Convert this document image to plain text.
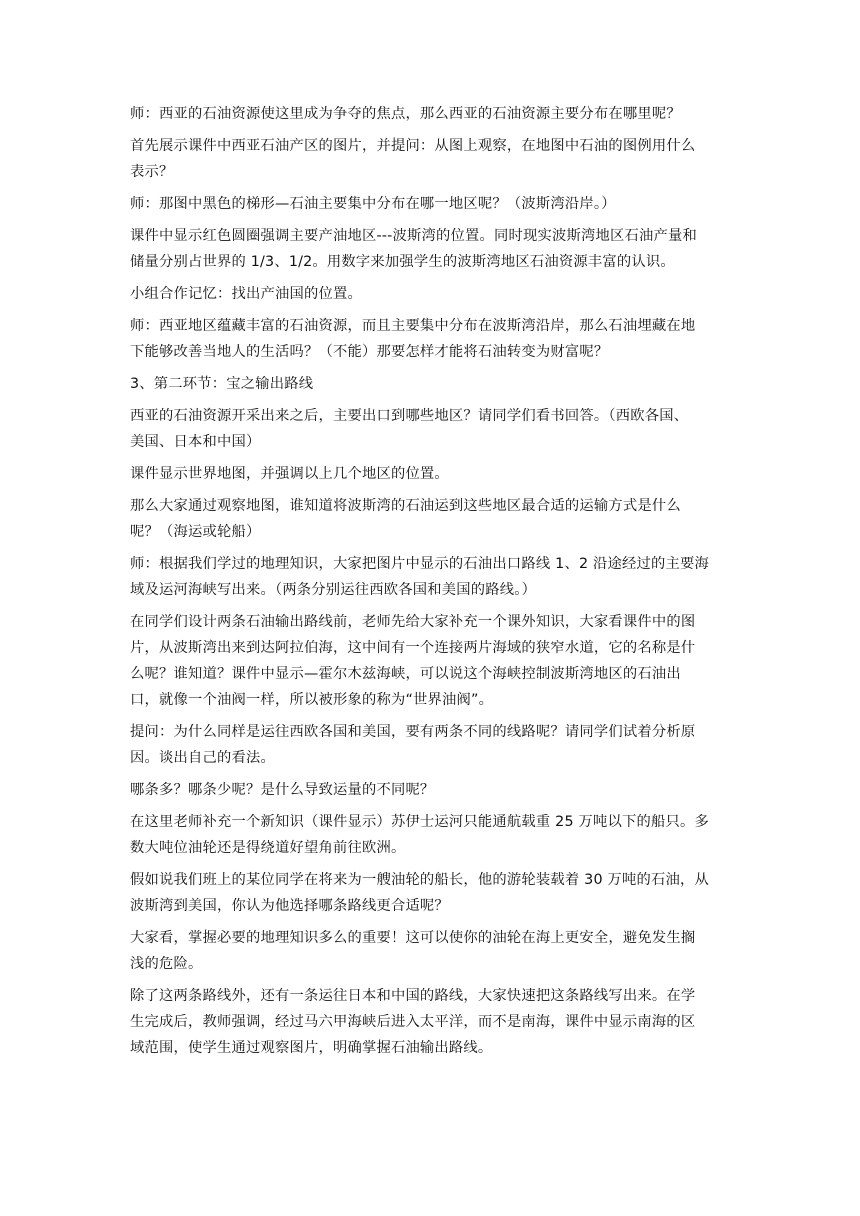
师：西亚的石油资源使这里成为争夺的焦点，那么西亚的石油资源主要分布在哪里呢？
首先展示课件中西亚石油产区的图片，并提问：从图上观察，在地图中石油的图例用什么
表示？
师：那图中黑色的梯形—石油主要集中分布在哪一地区呢？（波斯湾沿岸。）
课件中显示红色圆圈强调主要产油地区---波斯湾的位置。同时现实波斯湾地区石油产量和
储量分别占世界的 1/3、1/2。用数字来加强学生的波斯湾地区石油资源丰富的认识。
小组合作记忆：找出产油国的位置。
师：西亚地区蕴藏丰富的石油资源，而且主要集中分布在波斯湾沿岸，那么石油埋藏在地
下能够改善当地人的生活吗？（不能）那要怎样才能将石油转变为财富呢？
3、第二环节：宝之输出路线
西亚的石油资源开采出来之后，主要出口到哪些地区？请同学们看书回答。（西欧各国、
美国、日本和中国）
课件显示世界地图，并强调以上几个地区的位置。
那么大家通过观察地图，谁知道将波斯湾的石油运到这些地区最合适的运输方式是什么
呢？（海运或轮船）
师：根据我们学过的地理知识，大家把图片中显示的石油出口路线 1、2 沿途经过的主要海
域及运河海峡写出来。（两条分别运往西欧各国和美国的路线。）
在同学们设计两条石油输出路线前，老师先给大家补充一个课外知识，大家看课件中的图
片，从波斯湾出来到达阿拉伯海，这中间有一个连接两片海域的狭窄水道，它的名称是什
么呢？谁知道？课件中显示—霍尔木兹海峡，可以说这个海峡控制波斯湾地区的石油出
口，就像一个油阀一样，所以被形象的称为“世界油阀”。
提问：为什么同样是运往西欧各国和美国，要有两条不同的线路呢？请同学们试着分析原
因。谈出自己的看法。
哪条多？哪条少呢？是什么导致运量的不同呢？
在这里老师补充一个新知识（课件显示）苏伊士运河只能通航载重 25 万吨以下的船只。多
数大吨位油轮还是得绕道好望角前往欧洲。
假如说我们班上的某位同学在将来为一艘油轮的船长，他的游轮装载着 30 万吨的石油，从
波斯湾到美国，你认为他选择哪条路线更合适呢？
大家看，掌握必要的地理知识多么的重要！这可以使你的油轮在海上更安全，避免发生搁
浅的危险。
除了这两条路线外，还有一条运往日本和中国的路线，大家快速把这条路线写出来。在学
生完成后，教师强调，经过马六甲海峡后进入太平洋，而不是南海，课件中显示南海的区
域范围，使学生通过观察图片，明确掌握石油输出路线。
